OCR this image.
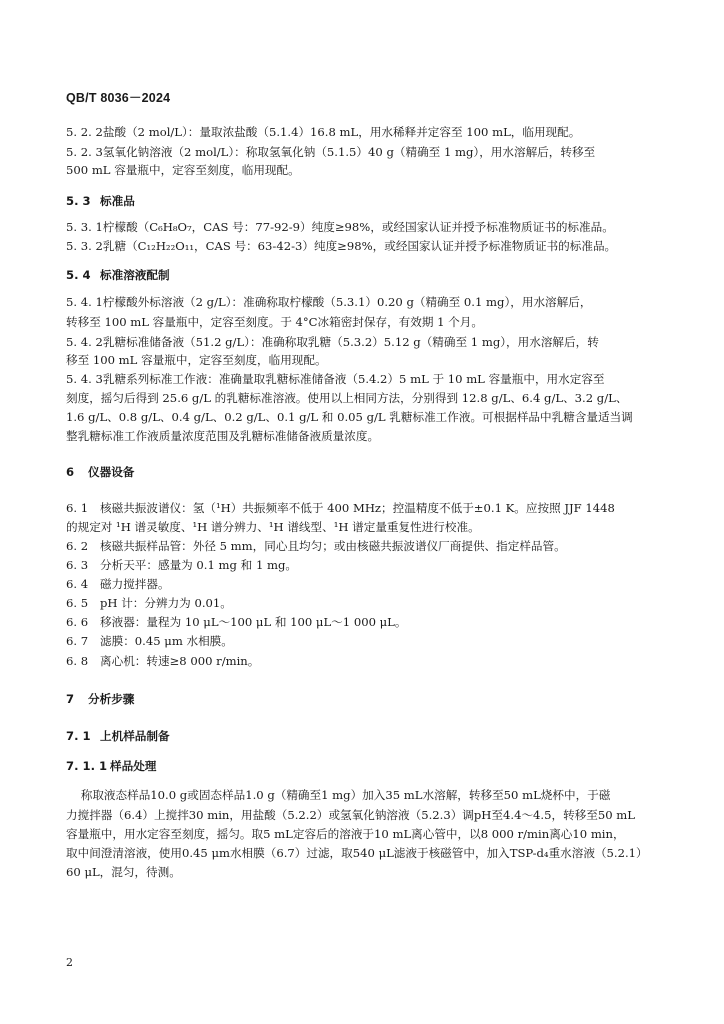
QB/T 8036－2024
5. 2. 2盐酸（2 mol/L）：量取浓盐酸（5.1.4）16.8 mL，用水稀释并定容至 100 mL，临用现配。
5. 2. 3氢氧化钠溶液（2 mol/L）：称取氢氧化钠（5.1.5）40 g（精确至 1 mg），用水溶解后，转移至
500 mL 容量瓶中，定容至刻度，临用现配。
5. 3 标准品
5. 3. 1柠檬酸（C₆H₈O₇，CAS 号：77-92-9）纯度≥98%，或经国家认证并授予标准物质证书的标准品。
5. 3. 2乳糖（C₁₂H₂₂O₁₁，CAS 号：63-42-3）纯度≥98%，或经国家认证并授予标准物质证书的标准品。
5. 4 标准溶液配制
5. 4. 1柠檬酸外标溶液（2 g/L）：准确称取柠檬酸（5.3.1）0.20 g（精确至 0.1 mg），用水溶解后，
转移至 100 mL 容量瓶中，定容至刻度。于 4°C冰箱密封保存，有效期 1 个月。
5. 4. 2乳糖标准储备液（51.2 g/L）：准确称取乳糖（5.3.2）5.12 g（精确至 1 mg），用水溶解后，转
移至 100 mL 容量瓶中，定容至刻度，临用现配。
5. 4. 3乳糖系列标准工作液：准确量取乳糖标准储备液（5.4.2）5 mL 于 10 mL 容量瓶中，用水定容至
刻度，摇匀后得到 25.6 g/L 的乳糖标准溶液。使用以上相同方法，分别得到 12.8 g/L、6.4 g/L、3.2 g/L、
1.6 g/L、0.8 g/L、0.4 g/L、0.2 g/L、0.1 g/L 和 0.05 g/L 乳糖标准工作液。可根据样品中乳糖含量适当调
整乳糖标准工作液质量浓度范围及乳糖标准储备液质量浓度。
6 仪器设备
6. 1 核磁共振波谱仪：氢（¹H）共振频率不低于 400 MHz；控温精度不低于±0.1 K。应按照 JJF 1448
的规定对 ¹H 谱灵敏度、¹H 谱分辨力、¹H 谱线型、¹H 谱定量重复性进行校准。
6. 2 核磁共振样品管：外径 5 mm，同心且均匀；或由核磁共振波谱仪厂商提供、指定样品管。
6. 3 分析天平：感量为 0.1 mg 和 1 mg。
6. 4 磁力搅拌器。
6. 5 pH 计：分辨力为 0.01。
6. 6 移液器：量程为 10 μL～100 μL 和 100 μL～1 000 μL。
6. 7 滤膜：0.45 μm 水相膜。
6. 8 离心机：转速≥8 000 r/min。
7 分析步骤
7. 1 上机样品制备
7. 1. 1 样品处理
称取液态样品10.0 g或固态样品1.0 g（精确至1 mg）加入35 mL水溶解，转移至50 mL烧杯中，于磁
力搅拌器（6.4）上搅拌30 min，用盐酸（5.2.2）或氢氧化钠溶液（5.2.3）调pH至4.4～4.5，转移至50 mL
容量瓶中，用水定容至刻度，摇匀。取5 mL定容后的溶液于10 mL离心管中，以8 000 r/min离心10 min，
取中间澄清溶液，使用0.45 μm水相膜（6.7）过滤，取540 μL滤液于核磁管中，加入TSP-d₄重水溶液（5.2.1）
60 μL，混匀，待测。
2
